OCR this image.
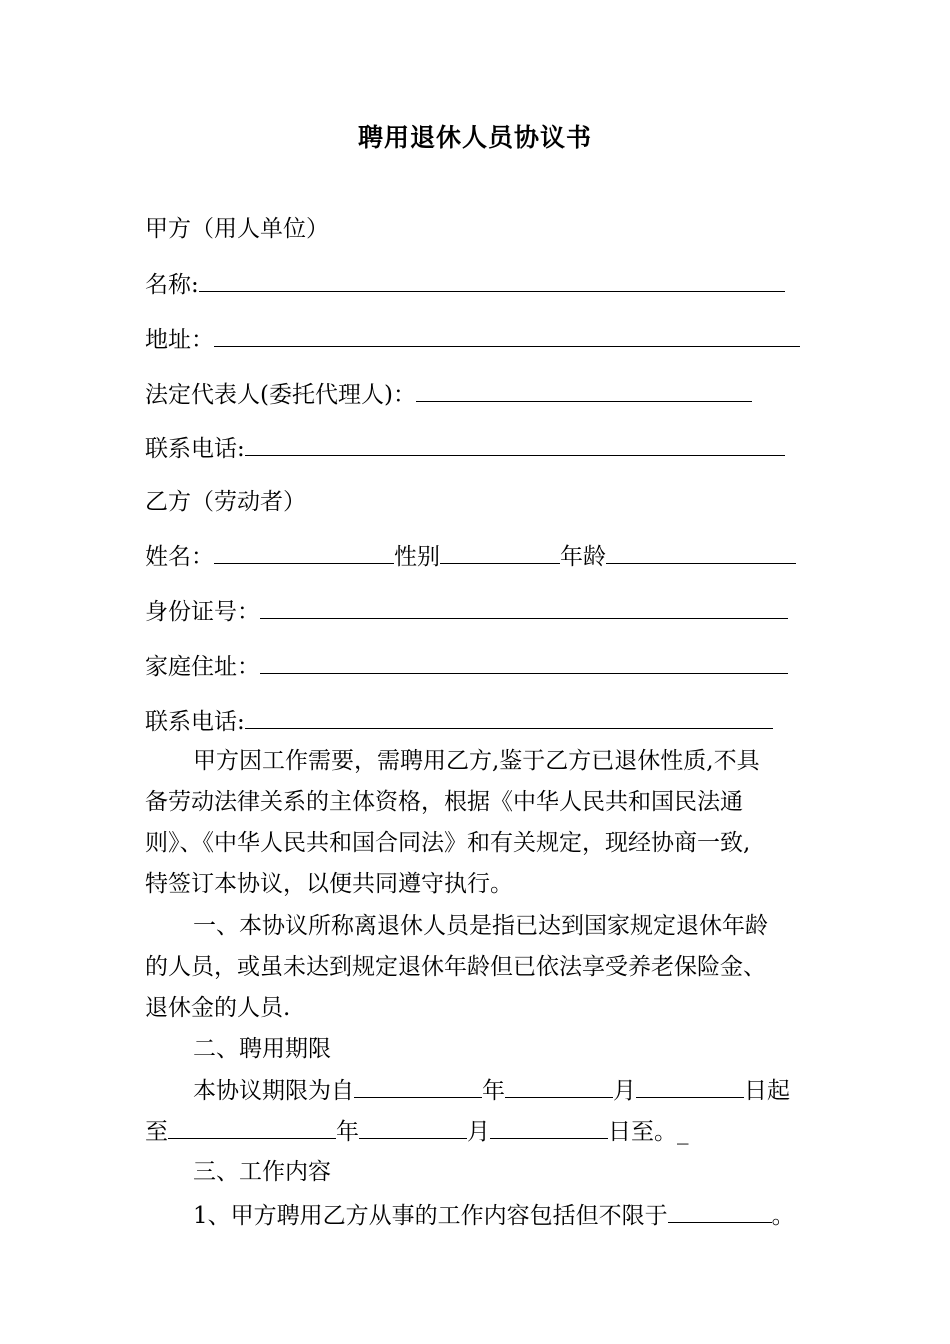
聘用退休人员协议书
甲方（用人单位）
名称:
地址：
法定代表人(委托代理人)：
联系电话:
乙方（劳动者）
姓名：	性别	年龄
身份证号：
家庭住址：
联系电话:
甲方因工作需要，需聘用乙方,鉴于乙方已退休性质,不具
备劳动法律关系的主体资格，根据《中华人民共和国民法通
则》、《中华人民共和国合同法》和有关规定，现经协商一致,
特签订本协议，以便共同遵守执行。
一、本协议所称离退休人员是指已达到国家规定退休年龄
的人员，或虽未达到规定退休年龄但已依法享受养老保险金、
退休金的人员.
二、聘用期限
本协议期限为自	年	月	日起
至	年	月	日至。_
三、工作内容
1、甲方聘用乙方从事的工作内容包括但不限于	。
